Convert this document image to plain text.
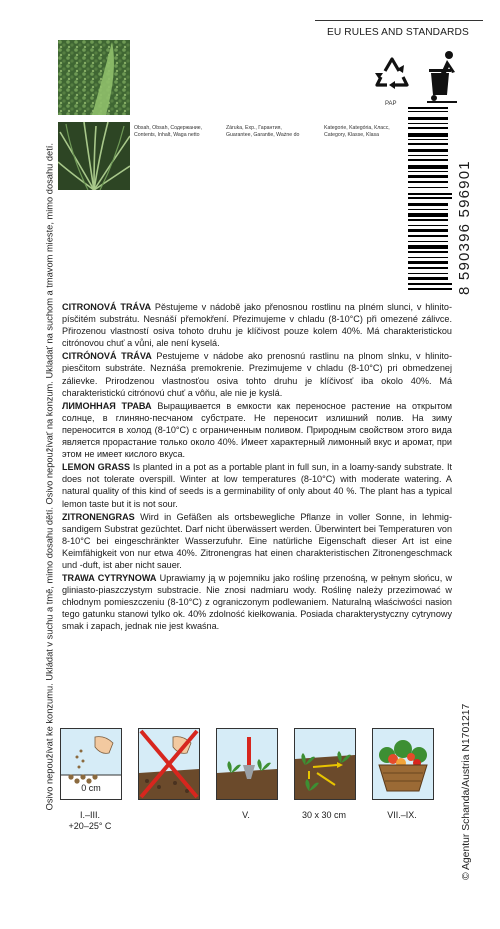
Osivo nepoužívat ke konzumu. Ukládat v suchu a tmě, mimo dosahu dětí. Osivo nepoužívať na konzum. Ukladať na suchom a tmavom mieste, mimo dosahu detí.
EU RULES AND STANDARDS
PAP
Obsah, Obsah, Содержание,
Contents, Inhalt, Waga netto
Záruka, Exp., Гарантия,
Guarantee, Garantie, Ważne do
Kategorie, Kategória, Класс,
Category, Klasse, Klasa
8 590396 596901

CITRONOVÁ TRÁVA Pěstujeme v nádobě jako přenosnou rostlinu na plném slunci, v hlinito-písčitém substrátu. Nesnáší přemokření. Přezimujeme v chladu (8-10°C) při omezené zálivce. Přirozenou vlastností osiva tohoto druhu je klíčivost pouze kolem 40%. Má charakteristickou citrónovou chuť a vůni, ale není kyselá.

CITRÓNOVÁ TRÁVA Pestujeme v nádobe ako prenosnú rastlinu na plnom slnku, v hlinito-piesčitom substráte. Neznáša premokrenie. Prezimujeme v chladu (8-10°C) pri obmedzenej zálievke. Prirodzenou vlastnosťou osiva tohto druhu je klíčivosť iba okolo 40%. Má charakteristickú citrónovú chuť a vôňu, ale nie je kyslá.

ЛИМОННАЯ ТРАВА Выращивается в емкости как переносное растение на открытом солнце, в глиняно-песчаном субстрате. Не переносит излишний полив. На зиму переносится в холод (8-10°С) с ограниченным поливом. Природным свойством этого вида является прорастание только около 40%. Имеет характерный лимонный вкус и аромат, при этом не имеет кислого вкуса.

LEMON GRASS Is planted in a pot as a portable plant in full sun, in a loamy-sandy substrate. It does not tolerate overspill. Winter at low temperatures (8-10°C) with moderate watering. A natural quality of this kind of seeds is a germinability of only about 40 %. The plant has a typical lemon taste but it is not sour.

ZITRONENGRAS Wird in Gefäßen als ortsbewegliche Pflanze in voller Sonne, in lehmig-sandigem Substrat gezüchtet. Darf nicht überwässert werden. Überwintert bei Temperaturen von 8-10°C bei eingeschränkter Wasserzufuhr. Eine natürliche Eigenschaft dieser Art ist eine Keimfähigkeit von nur etwa 40%. Zitronengras hat einen charakteristischen Zitronengeschmack und -duft, ist aber nicht sauer.

TRAWA CYTRYNOWA Uprawiamy ją w pojemniku jako roślinę przenośną, w pełnym słońcu, w gliniasto-piaszczystym substracie. Nie znosi nadmiaru wody. Roślinę należy przezimować w chłodnym pomieszczeniu (8-10°C) z ograniczonym podlewaniem. Naturalną właściwości nasion tego gatunku stanowi tylko ok. 40% zdolność kiełkowania. Posiada charakterystyczny cytrynowy smak i zapach, jednak nie jest kwaśna.

0 cm
I.–III.
+20–25° C
V.	30 x 30 cm	VII.–IX.	© Agentur Schanda/Austria N1701217
